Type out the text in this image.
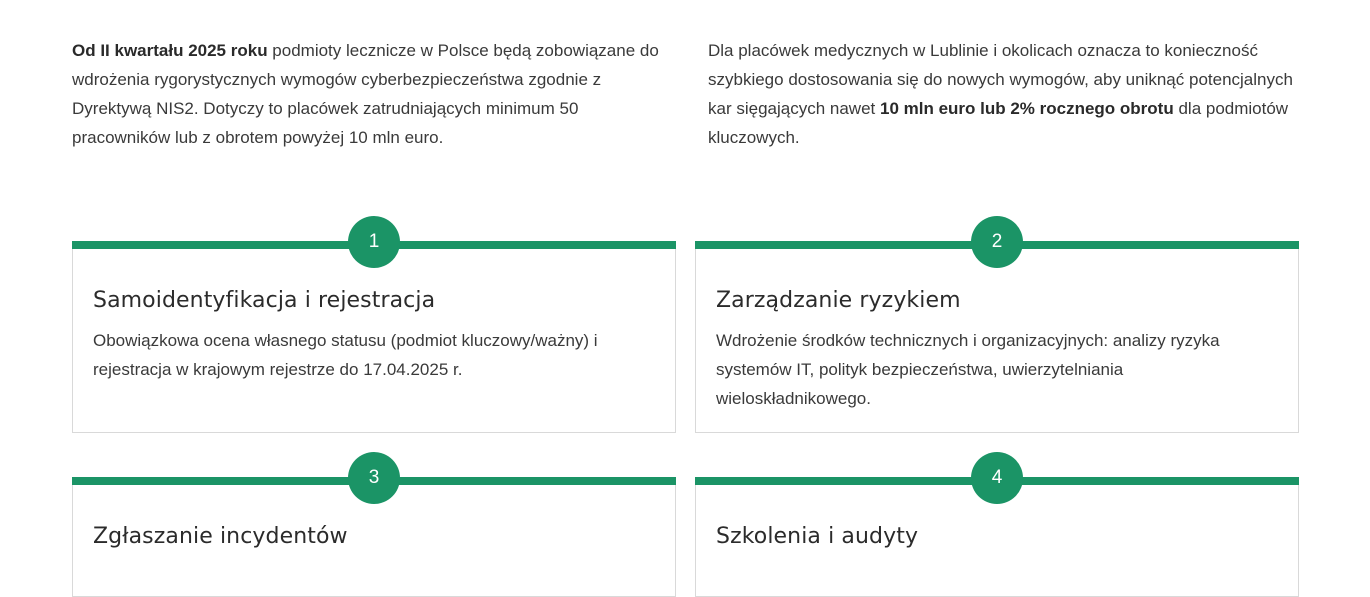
Od II kwartału 2025 roku podmioty lecznicze w Polsce będą zobowiązane do wdrożenia rygorystycznych wymogów cyberbezpieczeństwa zgodnie z Dyrektywą NIS2. Dotyczy to placówek zatrudniających minimum 50 pracowników lub z obrotem powyżej 10 mln euro.
Dla placówek medycznych w Lublinie i okolicach oznacza to konieczność szybkiego dostosowania się do nowych wymogów, aby uniknąć potencjalnych kar sięgających nawet 10 mln euro lub 2% rocznego obrotu dla podmiotów kluczowych.
1
Samoidentyfikacja i rejestracja
Obowiązkowa ocena własnego statusu (podmiot kluczowy/ważny) i rejestracja w krajowym rejestrze do 17.04.2025 r.
2
Zarządzanie ryzykiem
Wdrożenie środków technicznych i organizacyjnych: analizy ryzyka systemów IT, polityk bezpieczeństwa, uwierzytelniania wieloskładnikowego.
3
Zgłaszanie incydentów
4
Szkolenia i audyty
